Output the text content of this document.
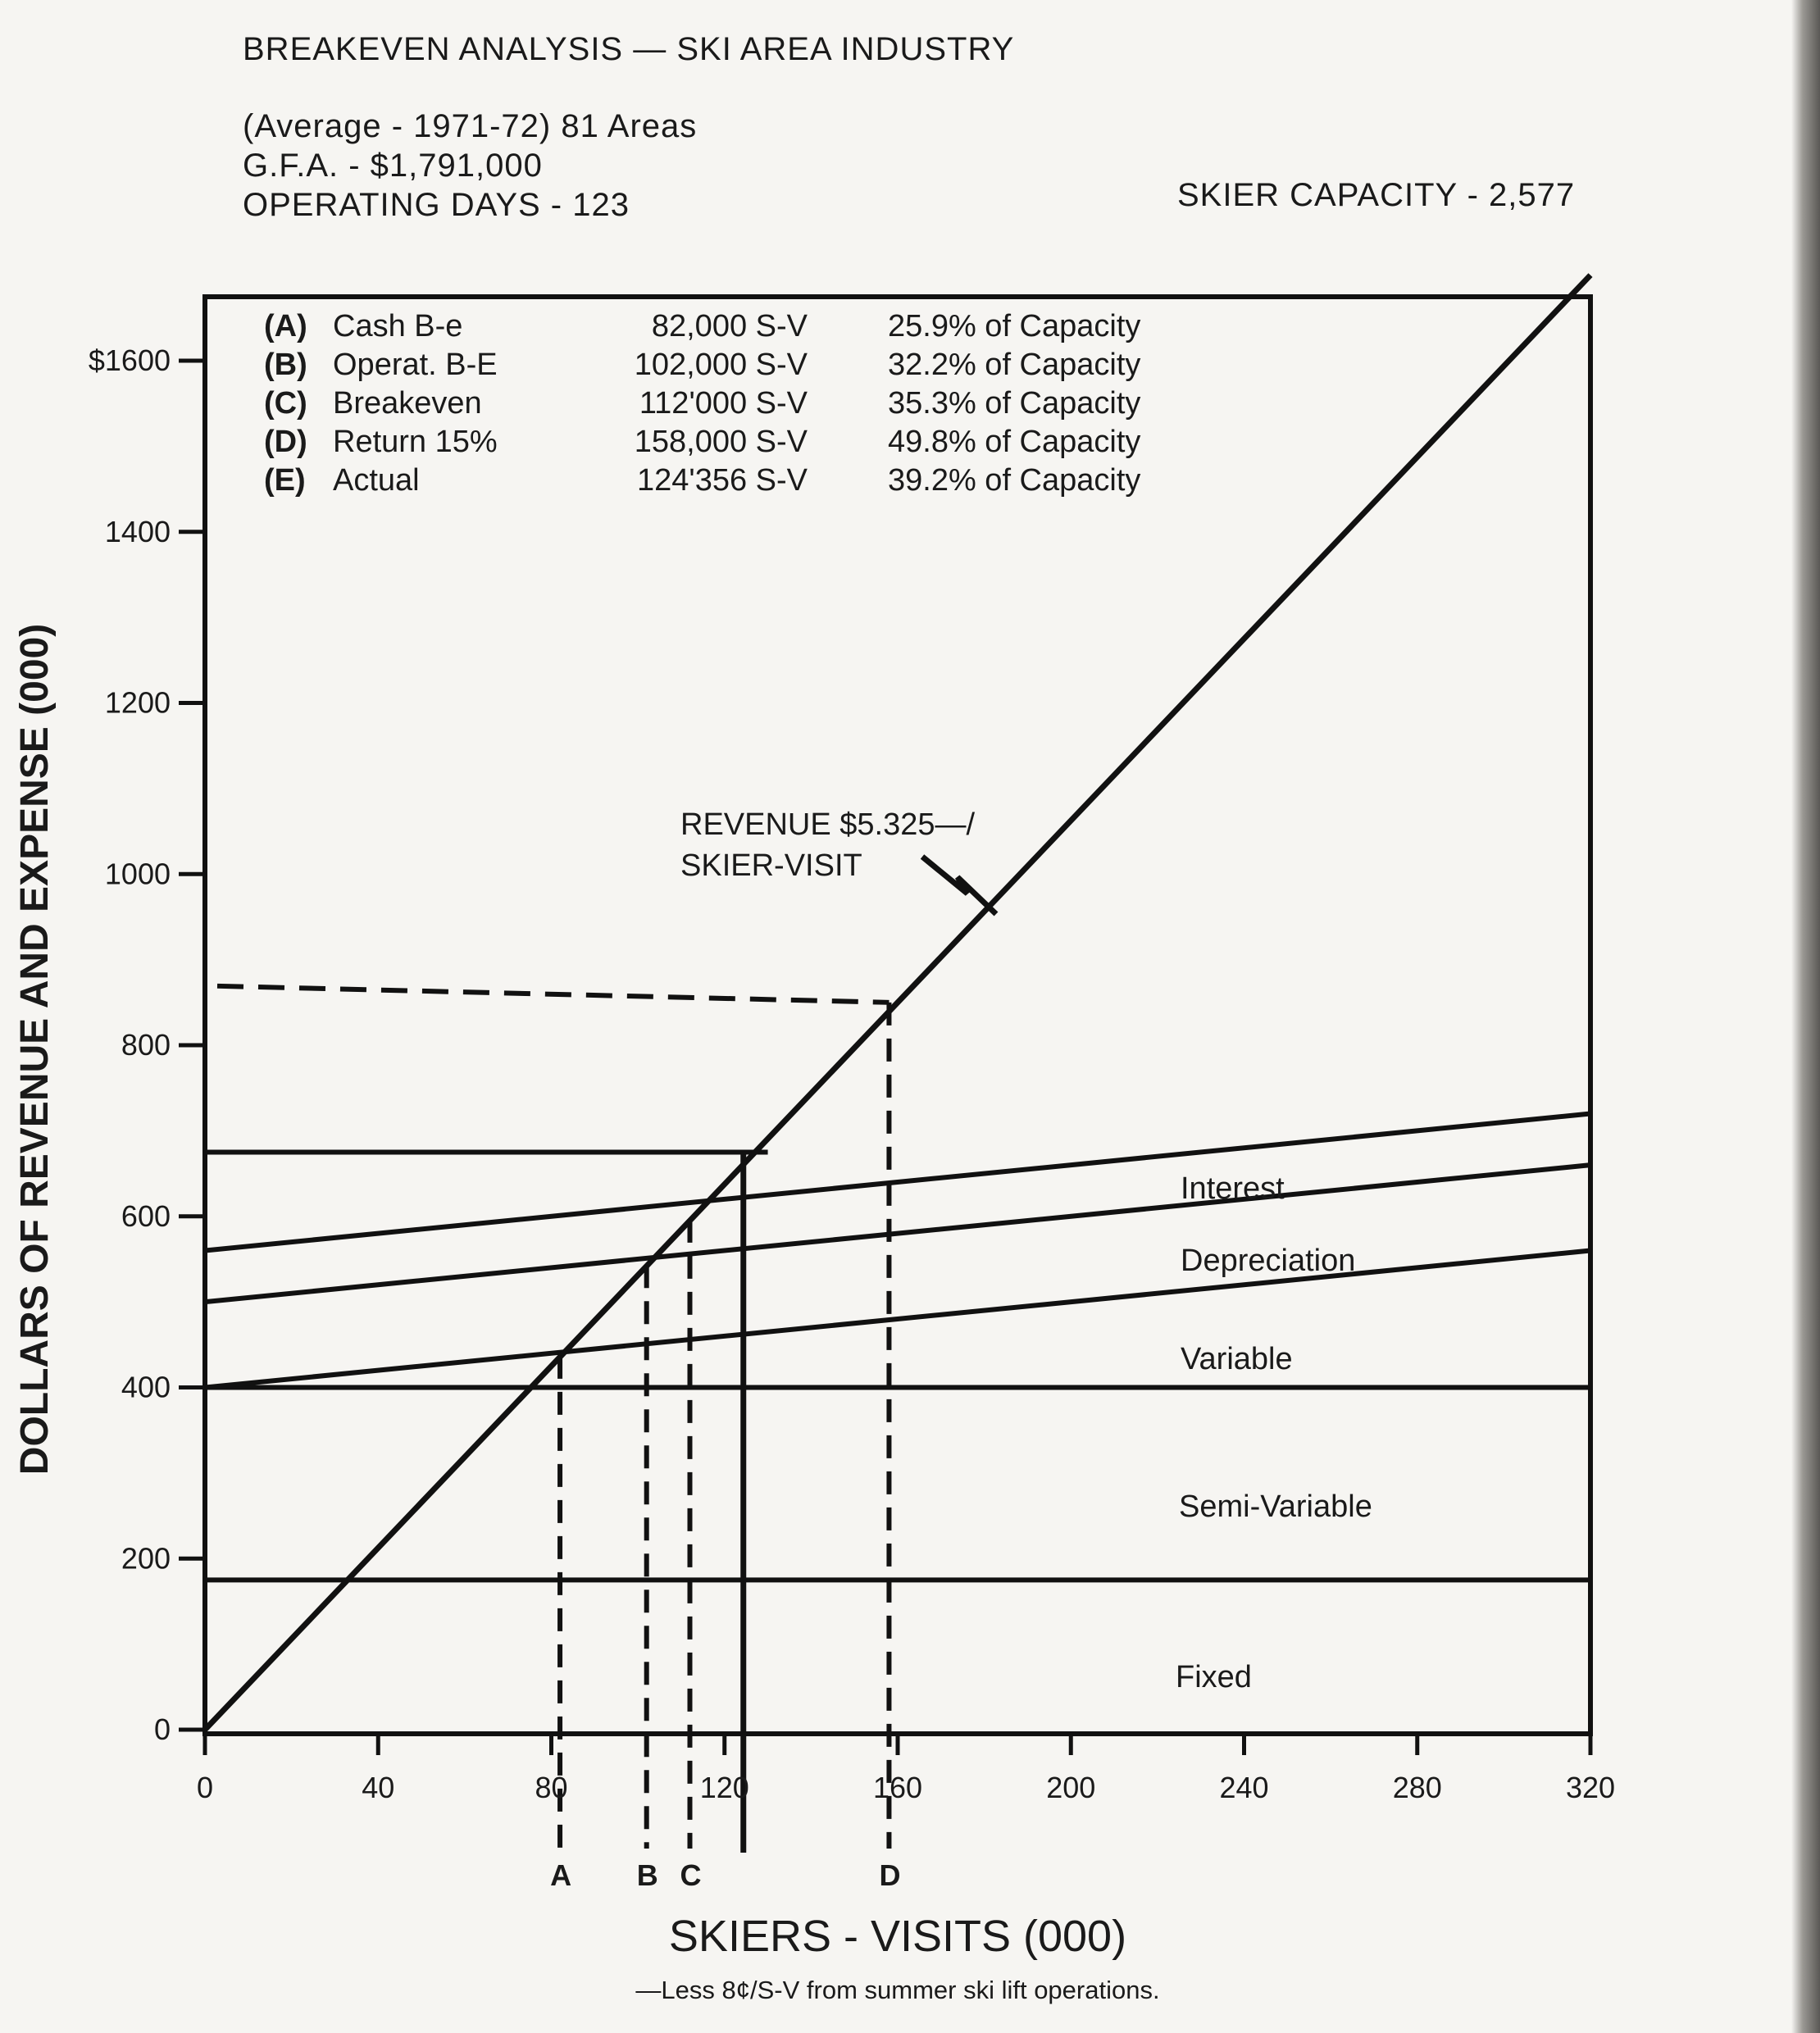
BREAKEVEN ANALYSIS — SKI AREA INDUSTRY
(Average - 1971-72) 81 Areas
G.F.A. - $1,791,000
OPERATING DAYS - 123	SKIER CAPACITY - 2,577
A B C	D
0
200
400
600
800
1000
1200
1400
$1600
0	40	80	120	160	200	240	280	320
DOLLARS OF REVENUE AND EXPENSE (000)
SKIERS - VISITS (000)
—Less 8¢/S-V from summer ski lift operations.
Fixed
Semi-Variable
Variable
Depreciation
Interest
REVENUE $5.325—/
SKIER-VISIT
(A) Cash B-e	82,000 S-V	25.9% of Capacity
(B) Operat. B-E	102,000 S-V	32.2% of Capacity
(C) Breakeven	112'000 S-V	35.3% of Capacity
(D) Return 15%	158,000 S-V	49.8% of Capacity
(E) Actual	124'356 S-V	39.2% of Capacity
